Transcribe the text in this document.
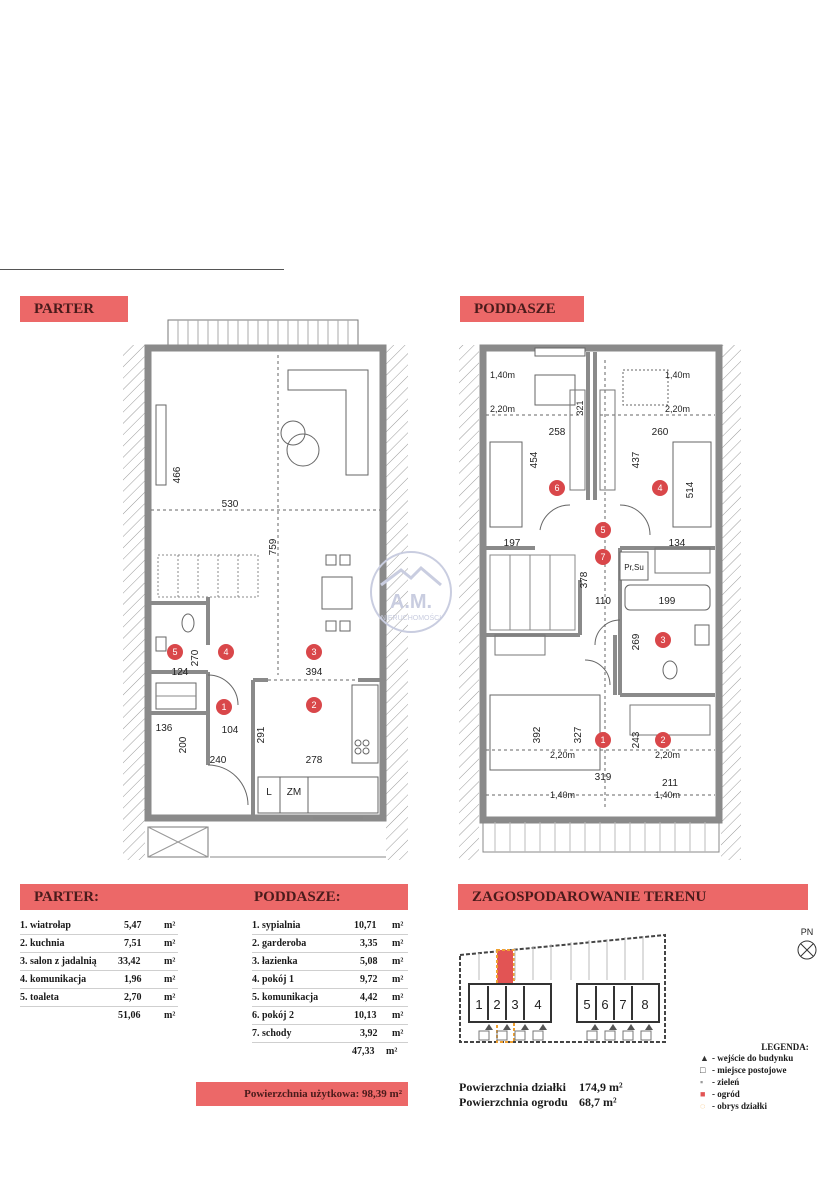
PARTER	PODDASZE
466
530
759
394
270
124
104
136	291
200
240	278
L ZM
1	2
3
4
5
A.M.
NIERUCHOMOŚCI
1,40m
2,20m	321
258
454
1,40m
2,20m
437
260
514
197	134
378
110	199
269
392	327	243
2,20m	2,20m
319
211
1,40m	1,40m
Pr,Su
1	2
3
4
5
6
7
PARTER:	PODDASZE:	ZAGOSPODAROWANIE TERENU
1. wiatrołap	5,47 m²
2. kuchnia	7,51 m²
3. salon z jadalnią 33,42 m²
4. komunikacja	1,96 m²
5. toaleta	2,70 m²
51,06 m²
1. sypialnia	10,71 m²
2. garderoba	3,35 m²
3. łazienka	5,08 m²
4. pokój 1	9,72 m²
5. komunikacja	4,42 m²
6. pokój 2	10,13 m²
7. schody	3,92 m²
47,33 m²
Powierzchnia użytkowa: 98,39 m²
1 2 3 4	5 6 7 8
PN
LEGENDA:
▲ - wejście do budynku
□ - miejsce postojowe
▪ - zieleń
■ - ogród
◌ - obrys działki
Powierzchnia działki 174,9 m²
Powierzchnia ogrodu 68,7 m²
